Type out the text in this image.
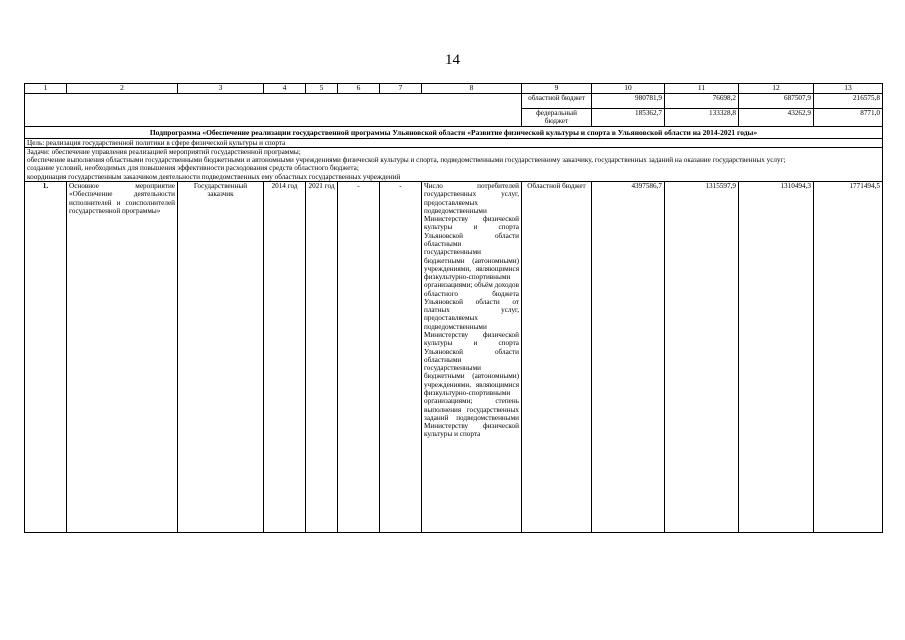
14
1	2	3	4	5	6	7	8	9	10	11	12	13
								областной бюджет	980781,9	76698,2	687507,9	216575,8
								федеральный бюджет	185362,7	133328,8	43262,9	8771,0
Подпрограмма «Обеспечение реализации государственной программы Ульяновской области «Развитие физической культуры и спорта в Ульяновской области на 2014-2021 годы»												
Цель: реализация государственной политики в сфере физической культуры и спорта												

Задачи: обеспечение управления реализацией мероприятий государственной программы;
обеспечение выполнения областными государственными бюджетными и автономными учреждениями физической культуры и спорта, подведомственными государственному заказчику, государственных заданий на оказание государственных услуг;
создание условий, необходимых для повышения эффективности расходования средств областного бюджета;
координация государственным заказчиком деятельности подведомственных ему областных государственных учреждений												

1.	Основное мероприятие «Обеспечение деятельности исполнителей и соисполнителей государственной программы»	Государственный заказчик	2014 год	2021 год	-	-	Число потребителей государственных услуг, предоставляемых подведомственными Министерству физической культуры и спорта Ульяновской области областными государственными бюджетными (автономными) учреждениями, являющимися физкультурно-спортивными организациями; объём доходов областного бюджета Ульяновской области от платных услуг, предоставляемых подведомственными Министерству физической культуры и спорта Ульяновской области областными государственными бюджетными (автономными) учреждениями, являющимися физкультурно-спортивными организациями; степень выполнения государственных заданий подведомственными Министерству физической культуры и спорта	Областной бюджет	4397586,7	1315597,9	1310494,3	1771494,5
